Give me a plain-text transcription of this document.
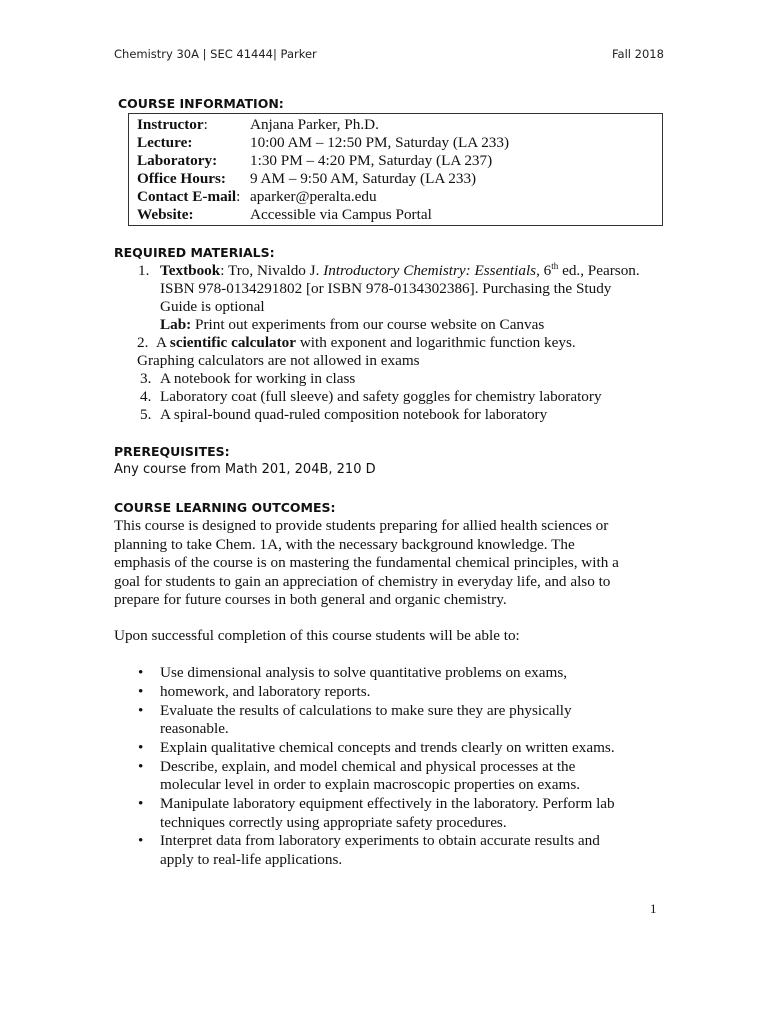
Chemistry 30A | SEC 41444| Parker	Fall 2018
COURSE INFORMATION:
Instructor:	Anjana Parker, Ph.D.
Lecture:	10:00 AM – 12:50 PM, Saturday (LA 233)
Laboratory: 1:30 PM – 4:20 PM, Saturday (LA 237)
Office Hours: 9 AM – 9:50 AM, Saturday (LA 233)
Contact E-mail: aparker@peralta.edu
Website:	Accessible via Campus Portal
REQUIRED MATERIALS:
1. Textbook: Tro, Nivaldo J. Introductory Chemistry: Essentials, 6th ed., Pearson.
ISBN 978-0134291802 [or ISBN 978-0134302386]. Purchasing the Study
Guide is optional
Lab: Print out experiments from our course website on Canvas
2. A scientific calculator with exponent and logarithmic function keys.
Graphing calculators are not allowed in exams
3. A notebook for working in class
4. Laboratory coat (full sleeve) and safety goggles for chemistry laboratory
5. A spiral-bound quad-ruled composition notebook for laboratory
PREREQUISITES:
Any course from Math 201, 204B, 210 D
COURSE LEARNING OUTCOMES:
This course is designed to provide students preparing for allied health sciences or
planning to take Chem. 1A, with the necessary background knowledge. The
emphasis of the course is on mastering the fundamental chemical principles, with a
goal for students to gain an appreciation of chemistry in everyday life, and also to
prepare for future courses in both general and organic chemistry.
Upon successful completion of this course students will be able to:
• Use dimensional analysis to solve quantitative problems on exams,
• homework, and laboratory reports.
• Evaluate the results of calculations to make sure they are physically
reasonable.
• Explain qualitative chemical concepts and trends clearly on written exams.
• Describe, explain, and model chemical and physical processes at the
molecular level in order to explain macroscopic properties on exams.
• Manipulate laboratory equipment effectively in the laboratory. Perform lab
techniques correctly using appropriate safety procedures.
• Interpret data from laboratory experiments to obtain accurate results and
apply to real-life applications.
1
